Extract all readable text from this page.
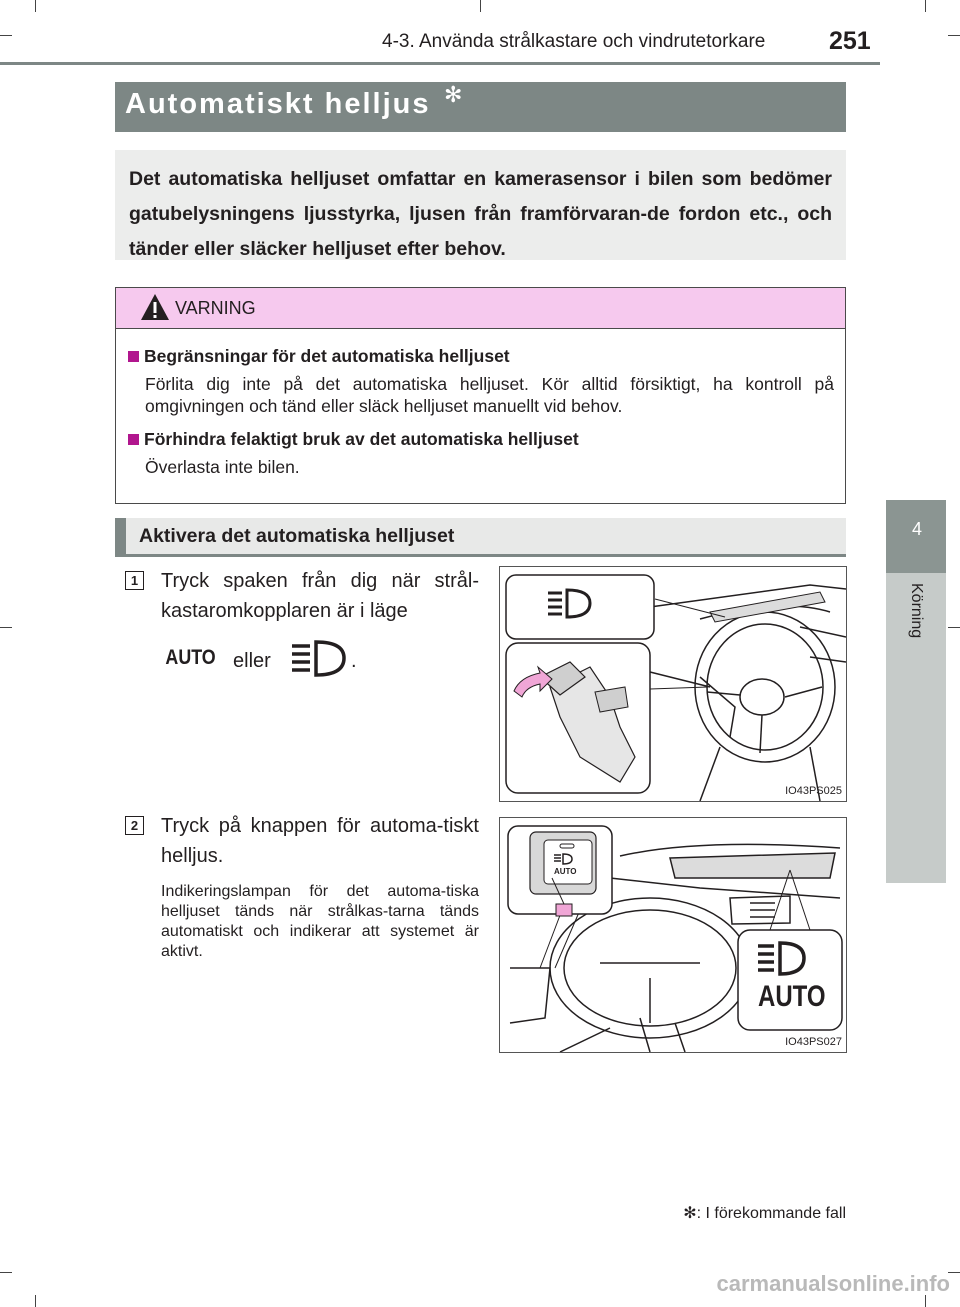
4-3. Använda strålkastare och vindrutetorkare	251
4
Körning
Automatiskt helljus ✻

Det automatiska helljuset omfattar en kamerasensor i bilen som bedömer gatubelysningens ljusstyrka, ljusen från framförvaran-de fordon etc., och tänder eller släcker helljuset efter behov.

VARNING
Begränsningar för det automatiska helljuset
Förlita dig inte på det automatiska helljuset. Kör alltid försiktigt, ha kontroll på omgivningen och tänd eller släck helljuset manuellt vid behov.
Förhindra felaktigt bruk av det automatiska helljuset
Överlasta inte bilen.
Aktivera det automatiska helljuset
1 Tryck spaken från dig när strål-kastaromkopplaren är i läge
AUTO eller	.
IO43PS025
2 Tryck på knappen för automa-tiskt helljus.
Indikeringslampan för det automa-tiska helljuset tänds när strålkas-tarna tänds automatiskt och indikerar att systemet är aktivt.
AUTO
AUTO
IO43PS027
✻: I förekommande fall
carmanualsonline.info
